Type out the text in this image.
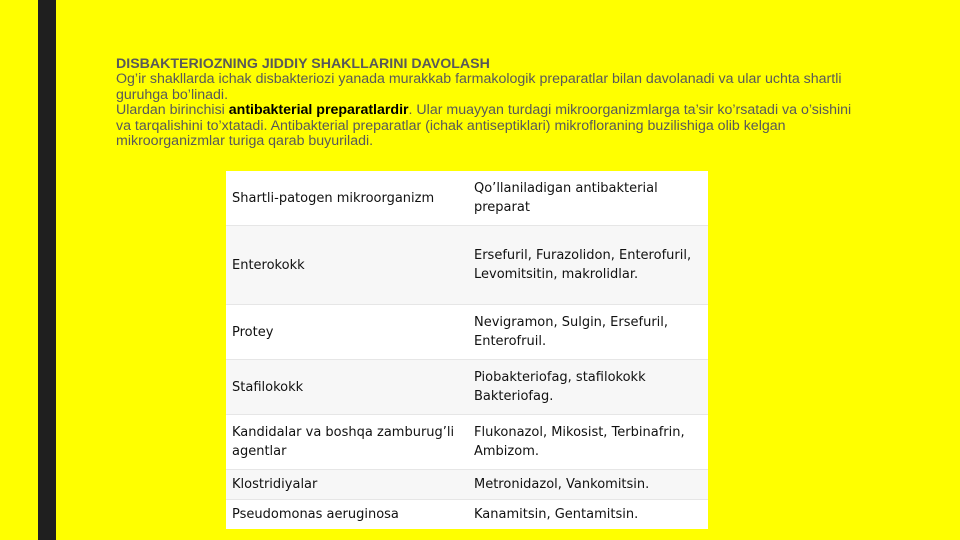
DISBAKTERIOZNING JIDDIY SHAKLLARINI DAVOLASH

Og’ir shakllarda ichak disbakteriozi yanada murakkab farmakologik preparatlar bilan davolanadi va ular uchta shartli guruhga bo’linadi.

Ulardan birinchisi antibakterial preparatlardir. Ular muayyan turdagi mikroorganizmlarga ta’sir ko’rsatadi va o’sishini va tarqalishini to’xtatadi. Antibakterial preparatlar (ichak antiseptiklari) mikrofloraning buzilishiga olib kelgan mikroorganizmlar turiga qarab buyuriladi.

Shartli-patogen mikroorganizm	Qo’llaniladigan antibakterial preparat
Enterokokk	Ersefuril, Furazolidon, Enterofuril, Levomitsitin, makrolidlar.
Protey	Nevigramon, Sulgin, Ersefuril, Enterofruil.
Stafilokokk	Piobakteriofag, stafilokokk Bakteriofag.
Kandidalar va boshqa zamburug’li agentlar	Flukonazol, Mikosist, Terbinafrin, Ambizom.
Klostridiyalar	Metronidazol, Vankomitsin.
Pseudomonas aeruginosa	Kanamitsin, Gentamitsin.
